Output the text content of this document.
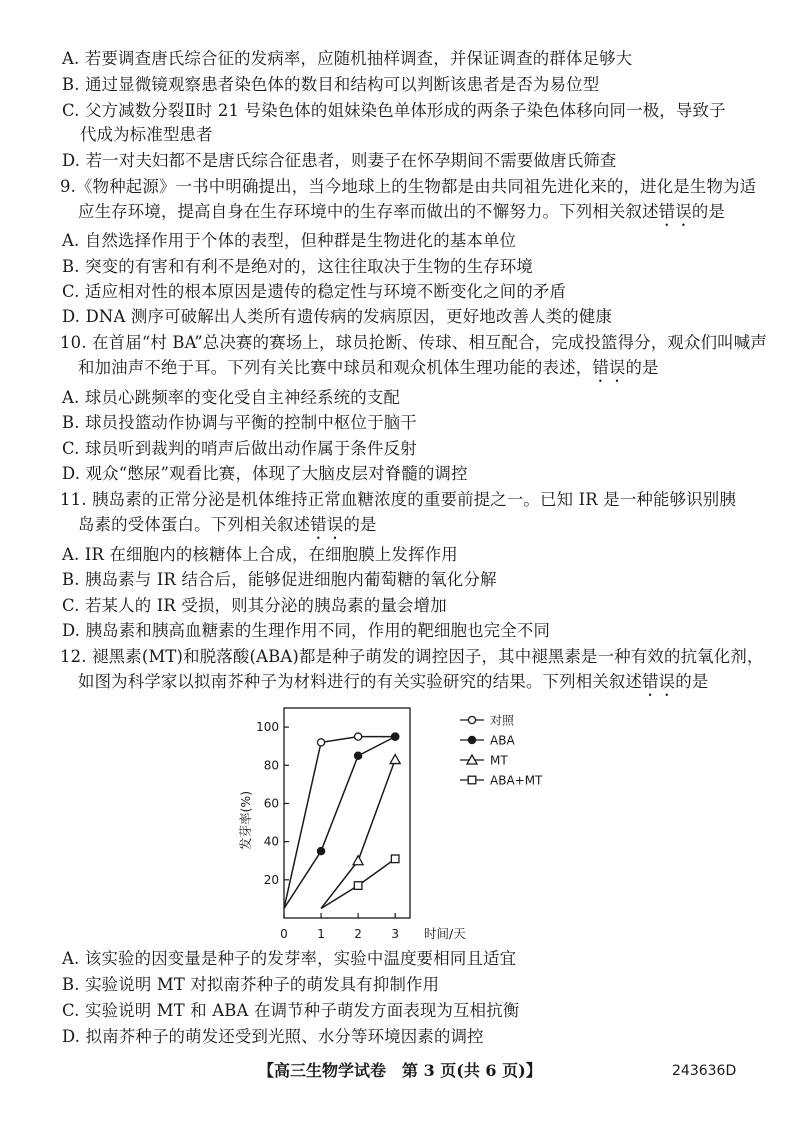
A. 若要调查唐氏综合征的发病率，应随机抽样调查，并保证调查的群体足够大
B. 通过显微镜观察患者染色体的数目和结构可以判断该患者是否为易位型
C. 父方减数分裂Ⅱ时 21 号染色体的姐妹染色单体形成的两条子染色体移向同一极，导致子
代成为标准型患者
D. 若一对夫妇都不是唐氏综合征患者，则妻子在怀孕期间不需要做唐氏筛查
9.《物种起源》一书中明确提出，当今地球上的生物都是由共同祖先进化来的，进化是生物为适
应生存环境，提高自身在生存环境中的生存率而做出的不懈努力。下列相关叙述错误的是
A. 自然选择作用于个体的表型，但种群是生物进化的基本单位
B. 突变的有害和有利不是绝对的，这往往取决于生物的生存环境
C. 适应相对性的根本原因是遗传的稳定性与环境不断变化之间的矛盾
D. DNA 测序可破解出人类所有遗传病的发病原因，更好地改善人类的健康
10. 在首届“村 BA”总决赛的赛场上，球员抢断、传球、相互配合，完成投篮得分，观众们叫喊声
和加油声不绝于耳。下列有关比赛中球员和观众机体生理功能的表述，错误的是
A. 球员心跳频率的变化受自主神经系统的支配
B. 球员投篮动作协调与平衡的控制中枢位于脑干
C. 球员听到裁判的哨声后做出动作属于条件反射
D. 观众“憋尿”观看比赛，体现了大脑皮层对脊髓的调控
11. 胰岛素的正常分泌是机体维持正常血糖浓度的重要前提之一。已知 IR 是一种能够识别胰
岛素的受体蛋白。下列相关叙述错误的是
A. IR 在细胞内的核糖体上合成，在细胞膜上发挥作用
B. 胰岛素与 IR 结合后，能够促进细胞内葡萄糖的氧化分解
C. 若某人的 IR 受损，则其分泌的胰岛素的量会增加
D. 胰岛素和胰高血糖素的生理作用不同，作用的靶细胞也完全不同
12. 褪黑素(MT)和脱落酸(ABA)都是种子萌发的调控因子，其中褪黑素是一种有效的抗氧化剂，
如图为科学家以拟南芥种子为材料进行的有关实验研究的结果。下列相关叙述错误的是
20
40
60
80
100
0 1 2 3
对照
ABA
MT
ABA+MT
发芽率(%)
时间/天
A. 该实验的因变量是种子的发芽率，实验中温度要相同且适宜
B. 实验说明 MT 对拟南芥种子的萌发具有抑制作用
C. 实验说明 MT 和 ABA 在调节种子萌发方面表现为互相抗衡
D. 拟南芥种子的萌发还受到光照、水分等环境因素的调控
【高三生物学试卷　第 3 页(共 6 页)】	243636D
